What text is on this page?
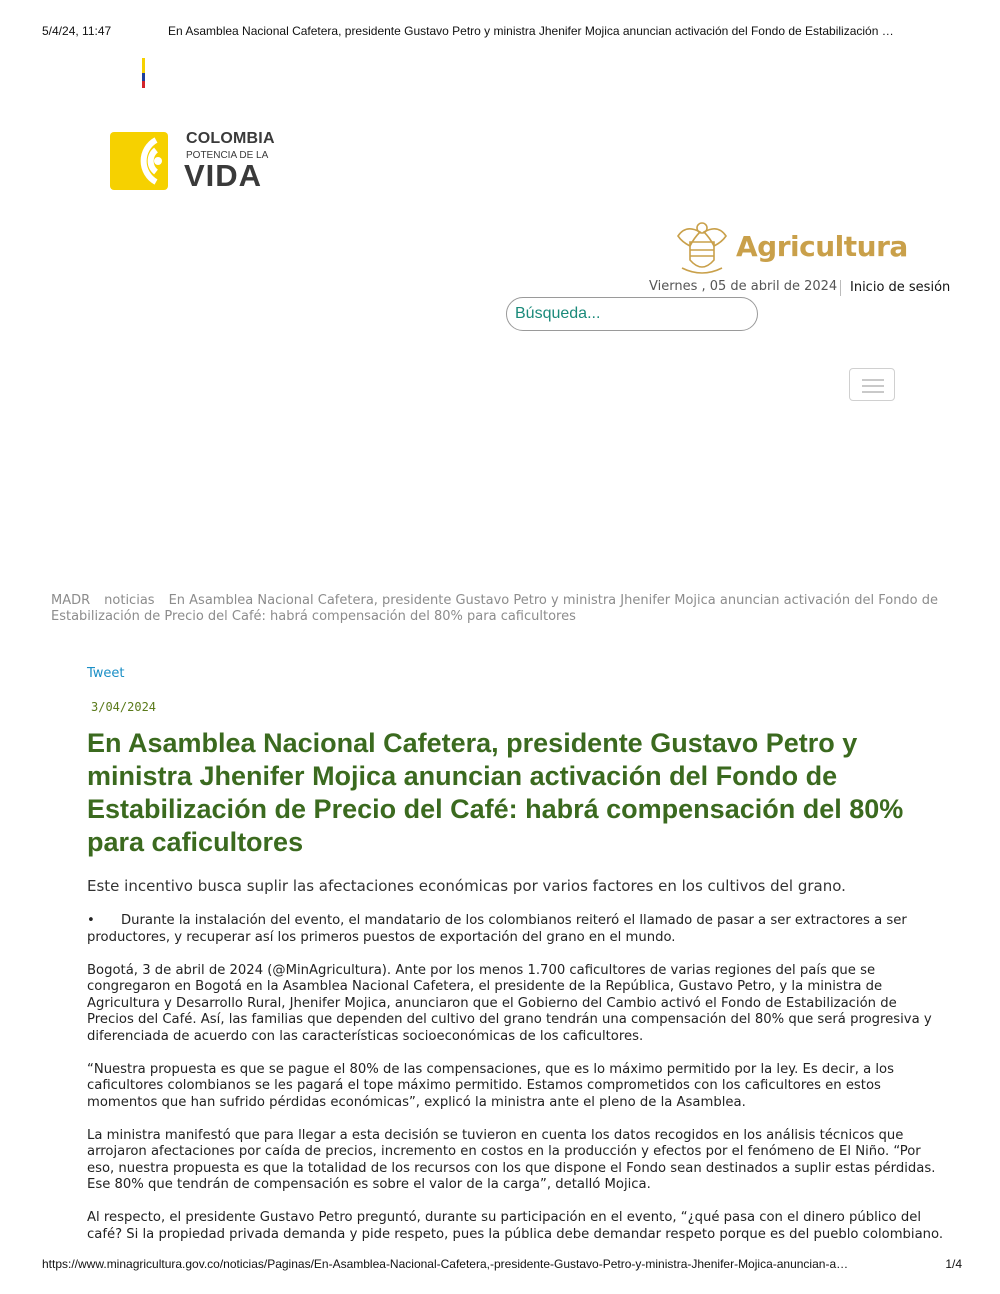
5/4/24, 11:47	En Asamblea Nacional Cafetera, presidente Gustavo Petro y ministra Jhenifer Mojica anuncian activación del Fondo de Estabilización …
COLOMBIA
POTENCIA DE LA
VIDA
Agricultura
Viernes , 05 de abril de 2024 Inicio de sesión
Búsqueda...
MADR noticias En Asamblea Nacional Cafetera, presidente Gustavo Petro y ministra Jhenifer Mojica anuncian activación del Fondo de Estabilización de Precio del Café: habrá compensación del 80% para caficultores
Tweet
3/04/2024
En Asamblea Nacional Cafetera, presidente Gustavo Petro y ministra Jhenifer Mojica anuncian activación del Fondo de Estabilización de Precio del Café: habrá compensación del 80% para caficultores
Este incentivo busca suplir las afectaciones económicas por varios factores en los cultivos del grano.

• Durante la instalación del evento, el mandatario de los colombianos reiteró el llamado de pasar a ser extractores a ser productores, y recuperar así los primeros puestos de exportación del grano en el mundo.

Bogotá, 3 de abril de 2024 (@MinAgricultura). Ante por los menos 1.700 caficultores de varias regiones del país que se congregaron en Bogotá en la Asamblea Nacional Cafetera, el presidente de la República, Gustavo Petro, y la ministra de Agricultura y Desarrollo Rural, Jhenifer Mojica, anunciaron que el Gobierno del Cambio activó el Fondo de Estabilización de Precios del Café. Así, las familias que dependen del cultivo del grano tendrán una compensación del 80% que será progresiva y diferenciada de acuerdo con las características socioeconómicas de los caficultores.

“Nuestra propuesta es que se pague el 80% de las compensaciones, que es lo máximo permitido por la ley. Es decir, a los caficultores colombianos se les pagará el tope máximo permitido. Estamos comprometidos con los caficultores en estos momentos que han sufrido pérdidas económicas”, explicó la ministra ante el pleno de la Asamblea.

La ministra manifestó que para llegar a esta decisión se tuvieron en cuenta los datos recogidos en los análisis técnicos que arrojaron afectaciones por caída de precios, incremento en costos en la producción y efectos por el fenómeno de El Niño. “Por eso, nuestra propuesta es que la totalidad de los recursos con los que dispone el Fondo sean destinados a suplir estas pérdidas. Ese 80% que tendrán de compensación es sobre el valor de la carga”, detalló Mojica.

Al respecto, el presidente Gustavo Petro preguntó, durante su participación en el evento, “¿qué pasa con el dinero público del café? Si la propiedad privada demanda y pide respeto, pues la pública debe demandar respeto porque es del pueblo colombiano.

https://www.minagricultura.gov.co/noticias/Paginas/En-Asamblea-Nacional-Cafetera,-presidente-Gustavo-Petro-y-ministra-Jhenifer-Mojica-anuncian-a…	1/4
